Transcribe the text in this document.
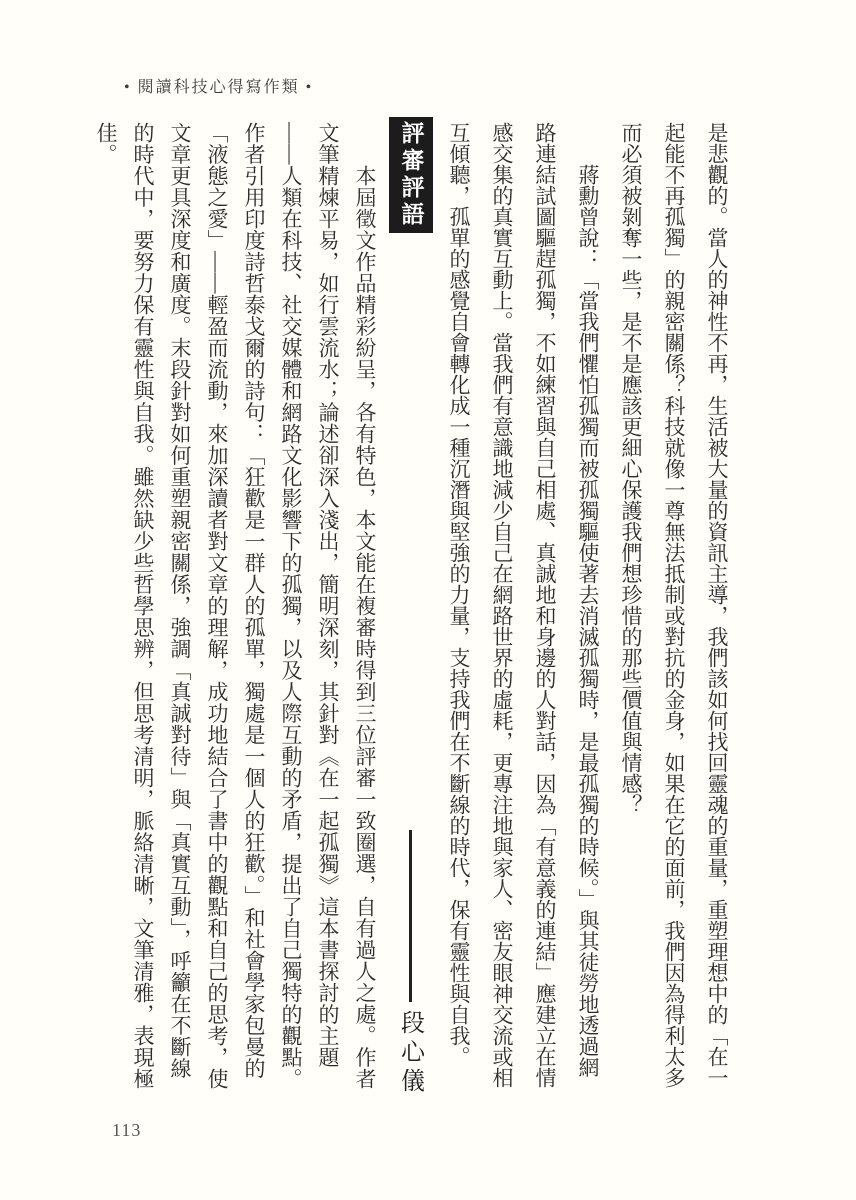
• 閱讀科技心得寫作類 •

是悲觀的。當人的神性不再，生活被大量的資訊主導，我們該如何找回靈魂的重量，重塑理想中的「在一起能不再孤獨」的親密關係？科技就像一尊無法抵制或對抗的金身，如果在它的面前，我們因為得利太多而必須被剝奪一些，是不是應該更細心保護我們想珍惜的那些價值與情感？

　　蔣勳曾說：「當我們懼怕孤獨而被孤獨驅使著去消滅孤獨時，是最孤獨的時候。」與其徒勞地透過網路連結試圖驅趕孤獨，不如練習與自己相處、真誠地和身邊的人對話，因為「有意義的連結」應建立在情感交集的真實互動上。當我們有意識地減少自己在網路世界的虛耗，更專注地與家人、密友眼神交流或相互傾聽，孤單的感覺自會轉化成一種沉潛與堅強的力量，支持我們在不斷線的時代，保有靈性與自我。

評審評語
段心儀

　　本屆徵文作品精彩紛呈，各有特色，本文能在複審時得到三位評審一致圈選，自有過人之處。作者文筆精煉平易，如行雲流水；論述卻深入淺出，簡明深刻，其針對《在一起孤獨》這本書探討的主題——人類在科技、社交媒體和網路文化影響下的孤獨，以及人際互動的矛盾，提出了自己獨特的觀點。作者引用印度詩哲泰戈爾的詩句：「狂歡是一群人的孤單，獨處是一個人的狂歡。」和社會學家包曼的「液態之愛」——輕盈而流動，來加深讀者對文章的理解，成功地結合了書中的觀點和自己的思考，使文章更具深度和廣度。末段針對如何重塑親密關係，強調「真誠對待」與「真實互動」，呼籲在不斷線的時代中，要努力保有靈性與自我。雖然缺少些哲學思辨，但思考清明，脈絡清晰，文筆清雅，表現極佳。

113
